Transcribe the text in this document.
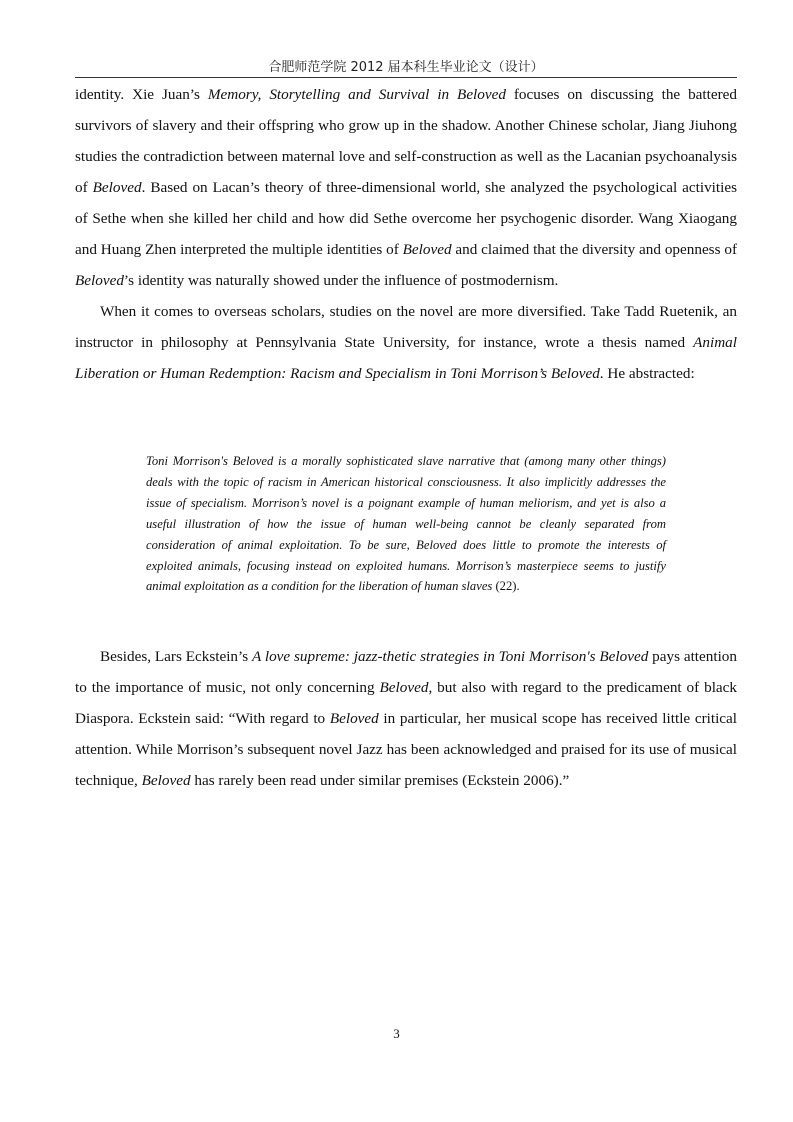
合肥师范学院 2012 届本科生毕业论文（设计）

identity. Xie Juan’s Memory, Storytelling and Survival in Beloved focuses on discussing the battered survivors of slavery and their offspring who grow up in the shadow. Another Chinese scholar, Jiang Jiuhong studies the contradiction between maternal love and self-construction as well as the Lacanian psychoanalysis of Beloved. Based on Lacan’s theory of three-dimensional world, she analyzed the psychological activities of Sethe when she killed her child and how did Sethe overcome her psychogenic disorder. Wang Xiaogang and Huang Zhen interpreted the multiple identities of Beloved and claimed that the diversity and openness of Beloved’s identity was naturally showed under the influence of postmodernism.

When it comes to overseas scholars, studies on the novel are more diversified. Take Tadd Ruetenik, an instructor in philosophy at Pennsylvania State University, for instance, wrote a thesis named Animal Liberation or Human Redemption: Racism and Specialism in Toni Morrison’s Beloved. He abstracted:

Toni Morrison's Beloved is a morally sophisticated slave narrative that (among many other things) deals with the topic of racism in American historical consciousness. It also implicitly addresses the issue of specialism. Morrison’s novel is a poignant example of human meliorism, and yet is also a useful illustration of how the issue of human well-being cannot be cleanly separated from consideration of animal exploitation. To be sure, Beloved does little to promote the interests of exploited animals, focusing instead on exploited humans. Morrison’s masterpiece seems to justify animal exploitation as a condition for the liberation of human slaves (22).

Besides, Lars Eckstein’s A love supreme: jazz-thetic strategies in Toni Morrison's Beloved pays attention to the importance of music, not only concerning Beloved, but also with regard to the predicament of black Diaspora. Eckstein said: “With regard to Beloved in particular, her musical scope has received little critical attention. While Morrison’s subsequent novel Jazz has been acknowledged and praised for its use of musical technique, Beloved has rarely been read under similar premises (Eckstein 2006).”

3
